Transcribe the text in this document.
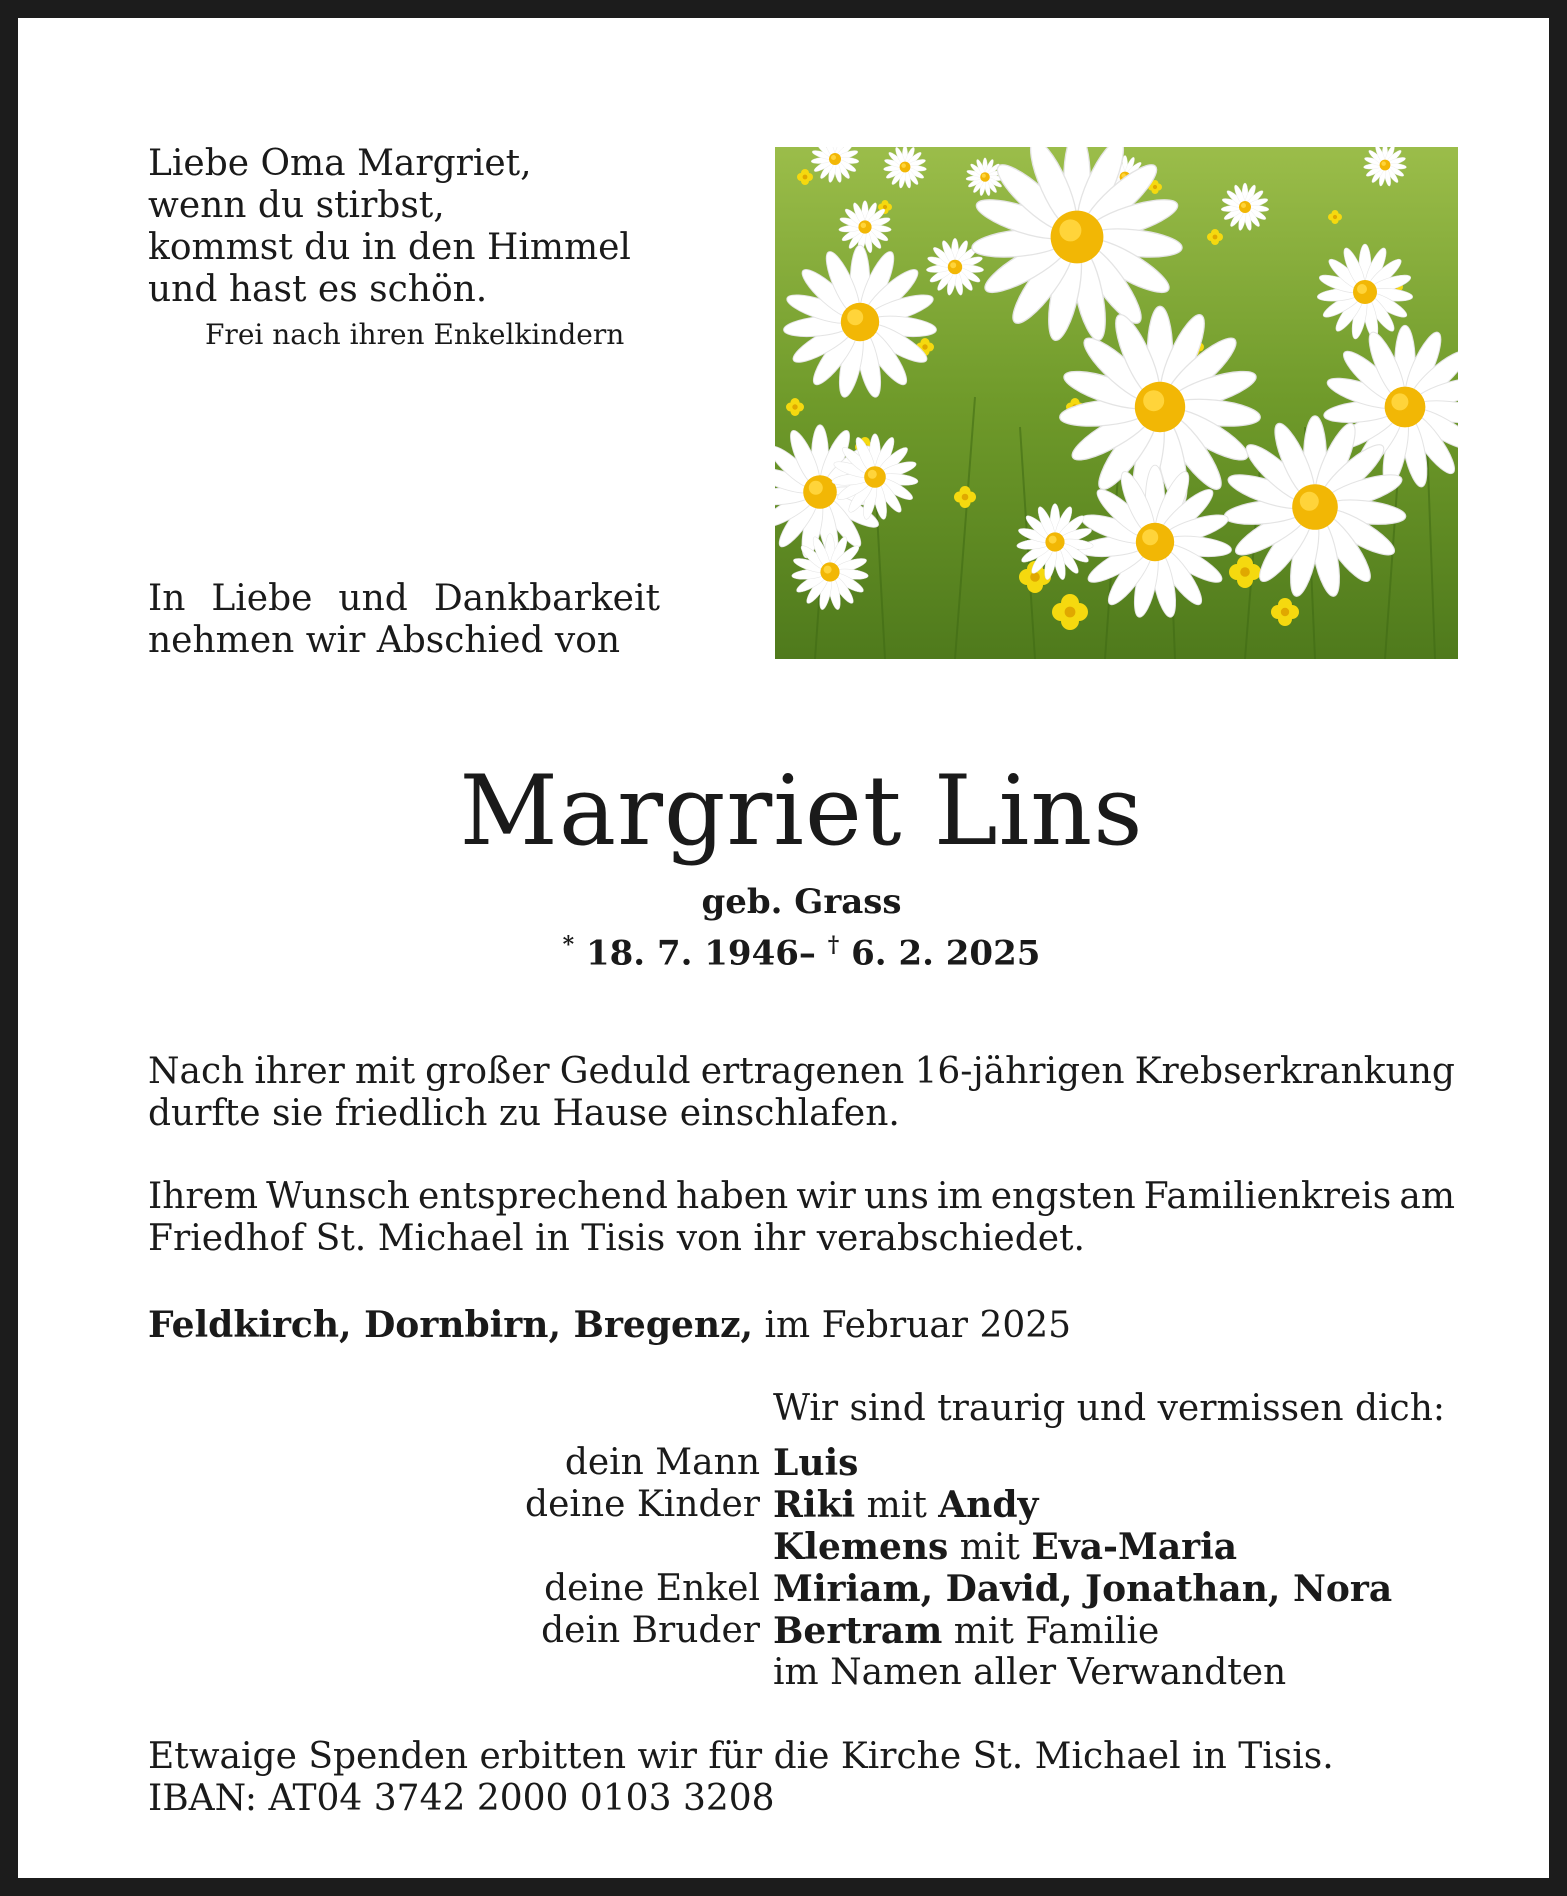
Liebe Oma Margriet,
wenn du stirbst,
kommst du in den Himmel
und hast es schön.
Frei nach ihren Enkelkindern
In Liebe und Dankbarkeit
nehmen wir Abschied von
Margriet Lins
geb. Grass
* 18. 7. 1946– † 6. 2. 2025
Nach ihrer mit großer Geduld ertragenen 16-jährigen Krebserkrankung
durfte sie friedlich zu Hause einschlafen.
Ihrem Wunsch entsprechend haben wir uns im engsten Familienkreis am
Friedhof St. Michael in Tisis von ihr verabschiedet.
Feldkirch, Dornbirn, Bregenz, im Februar 2025
Wir sind traurig und vermissen dich:
dein Mann Luis
deine Kinder Riki mit Andy
Klemens mit Eva-Maria
deine Enkel Miriam, David, Jonathan, Nora
dein Bruder Bertram mit Familie
im Namen aller Verwandten
Etwaige Spenden erbitten wir für die Kirche St. Michael in Tisis.
IBAN: AT04 3742 2000 0103 3208
